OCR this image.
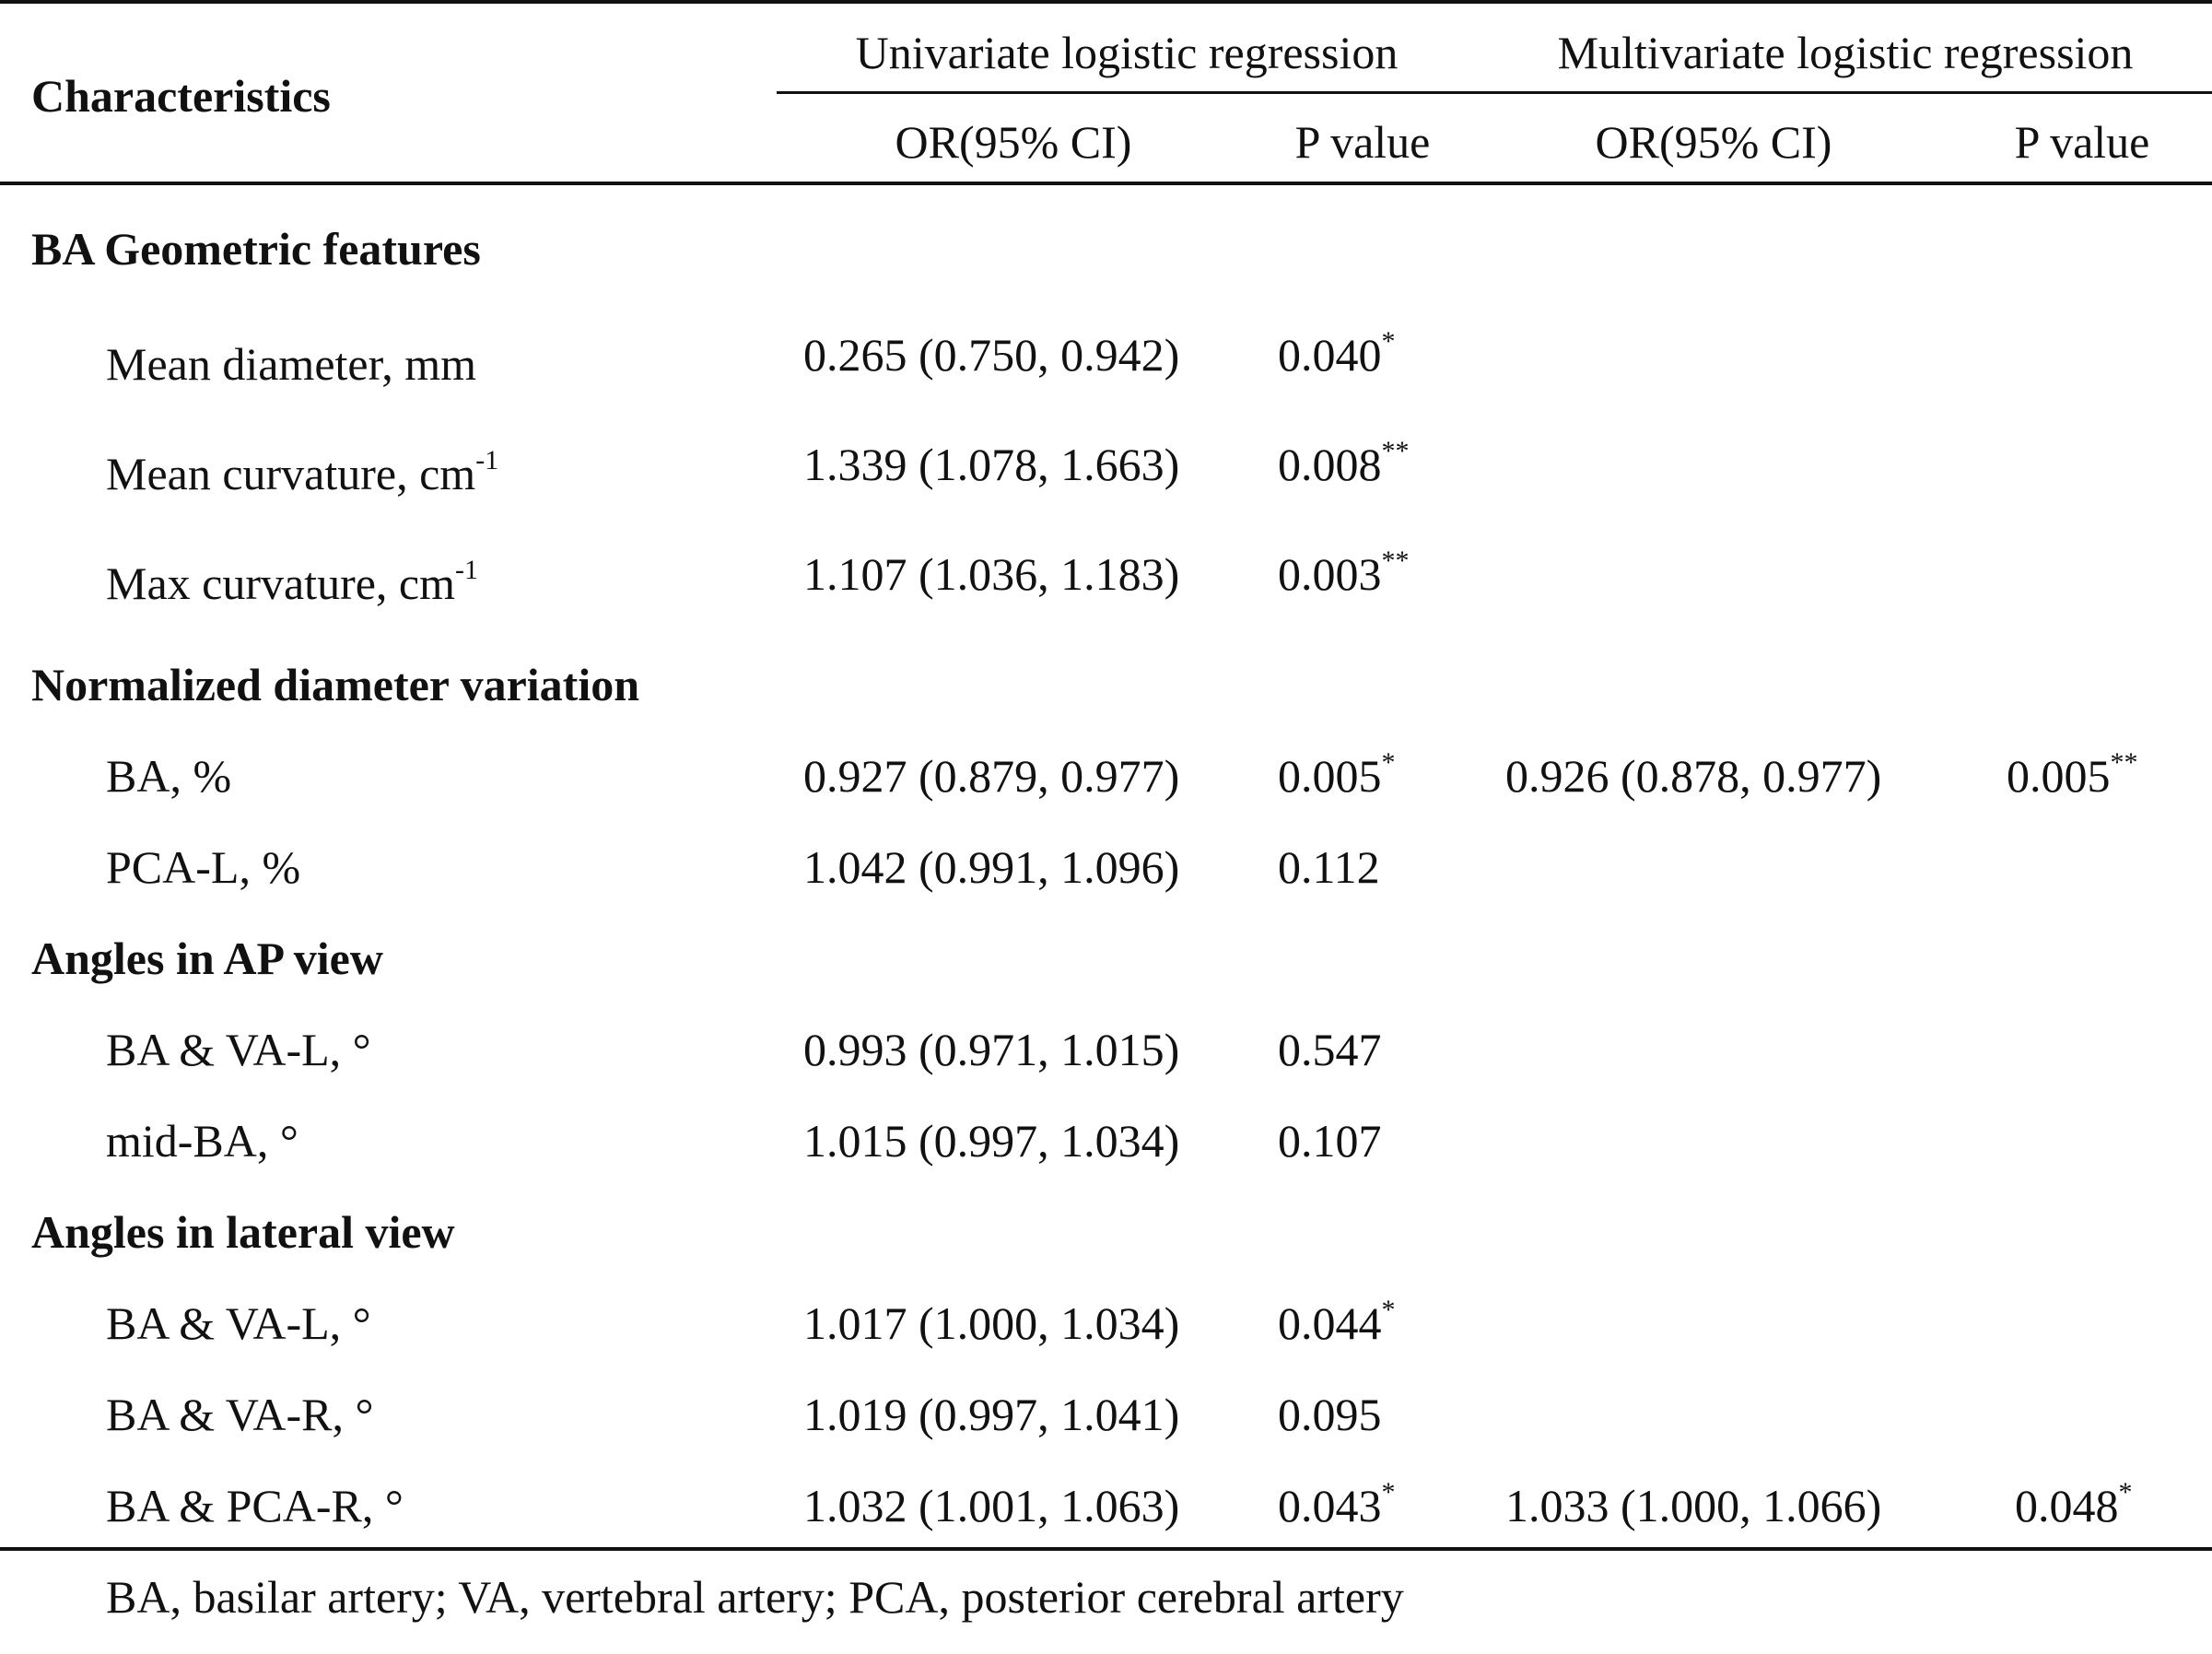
Characteristics
Univariate logistic regression	Multivariate logistic regression
OR(95% CI)	P value	OR(95% CI)	P value
BA Geometric features
Mean diameter, mm	0.265 (0.750, 0.942) 0.040*
Mean curvature, $cm^{-1}$	1.339 (1.078, 1.663) 0.008**
Max curvature, $cm^{-1}$	1.107 (1.036, 1.183) 0.003**
Normalized diameter variation
BA, %	0.927 (0.879, 0.977) 0.005* 0.926 (0.878, 0.977)	0.005**
PCA-L, %	1.042 (0.991, 1.096) 0.112
Angles in AP view
BA & VA-L, °	0.993 (0.971, 1.015) 0.547
mid-BA, °	1.015 (0.997, 1.034) 0.107
Angles in lateral view
BA & VA-L, °	1.017 (1.000, 1.034) 0.044*
BA & VA-R, °	1.019 (0.997, 1.041) 0.095
BA & PCA-R, °	1.032 (1.001, 1.063) 0.043* 1.033 (1.000, 1.066)	0.048*
BA, basilar artery; VA, vertebral artery; PCA, posterior cerebral artery
